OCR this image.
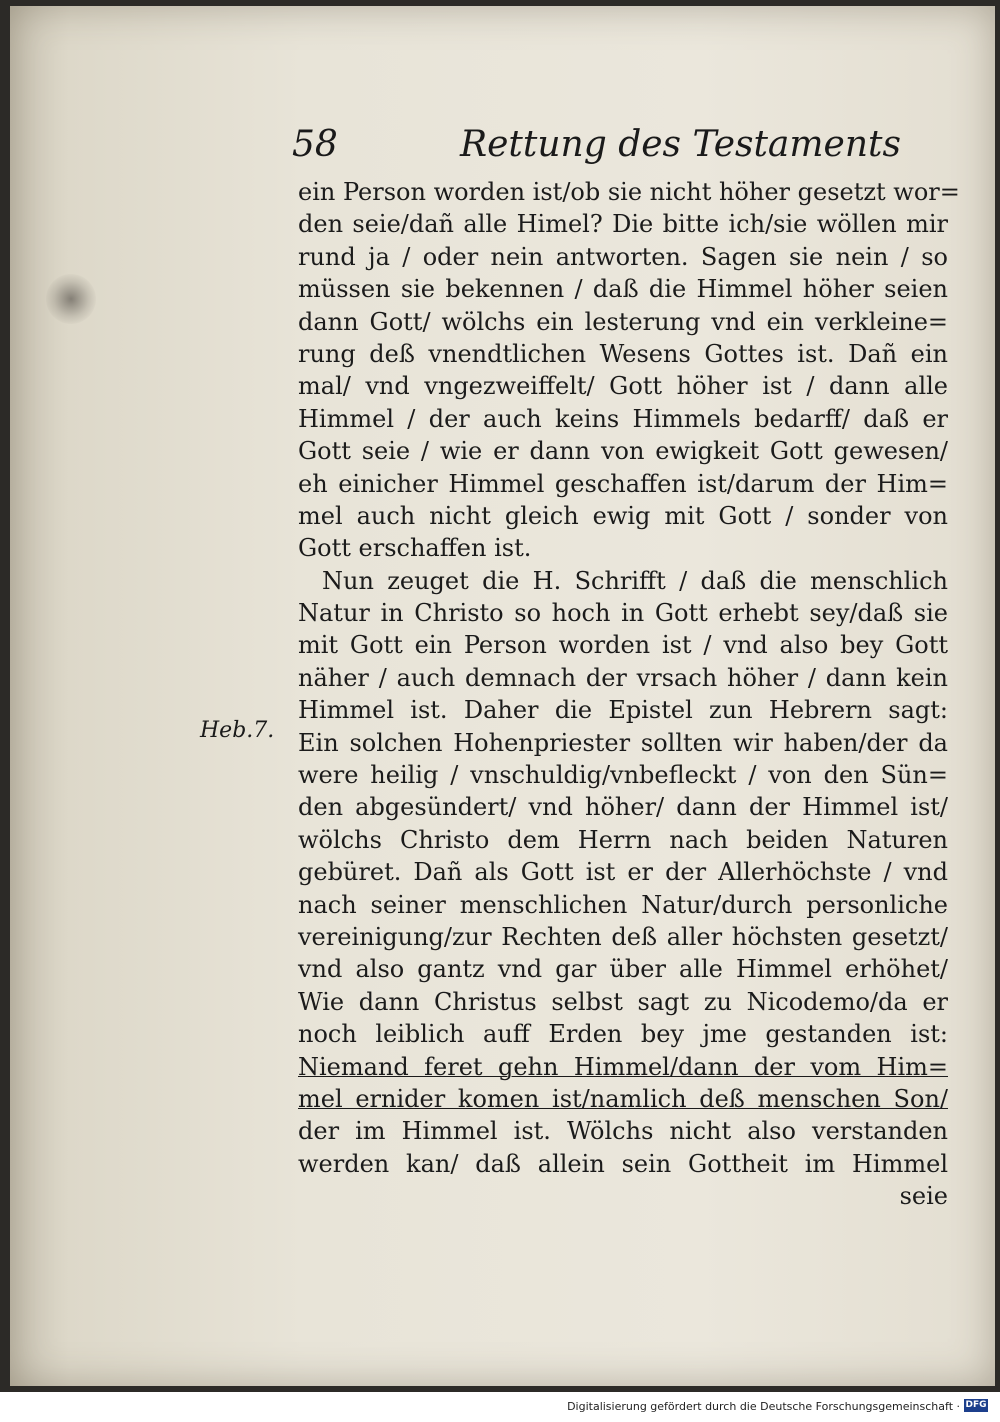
58	Rettung des Testaments
Heb.7.
ein Person worden ist/ob sie nicht höher gesetzt wor=
den seie/dañ alle Himel? Die bitte ich/sie wöllen mir
rund ja / oder nein antworten. Sagen sie nein / so
müssen sie bekennen / daß die Himmel höher seien
dann Gott/ wölchs ein lesterung vnd ein verkleine=
rung deß vnendtlichen Wesens Gottes ist. Dañ ein
mal/ vnd vngezweiffelt/ Gott höher ist / dann alle
Himmel / der auch keins Himmels bedarff/ daß er
Gott seie / wie er dann von ewigkeit Gott gewesen/
eh einicher Himmel geschaffen ist/darum der Him=
mel auch nicht gleich ewig mit Gott / sonder von
Gott erschaffen ist.
Nun zeuget die H. Schrifft / daß die menschlich
Natur in Christo so hoch in Gott erhebt sey/daß sie
mit Gott ein Person worden ist / vnd also bey Gott
näher / auch demnach der vrsach höher / dann kein
Himmel ist. Daher die Epistel zun Hebrern sagt:
Ein solchen Hohenpriester sollten wir haben/der da
were heilig / vnschuldig/vnbefleckt / von den Sün=
den abgesündert/ vnd höher/ dann der Himmel ist/
wölchs Christo dem Herrn nach beiden Naturen
gebüret. Dañ als Gott ist er der Allerhöchste / vnd
nach seiner menschlichen Natur/durch personliche
vereinigung/zur Rechten deß aller höchsten gesetzt/
vnd also gantz vnd gar über alle Himmel erhöhet/
Wie dann Christus selbst sagt zu Nicodemo/da er
noch leiblich auff Erden bey jme gestanden ist:
Niemand feret gehn Himmel/dann der vom Him=
mel ernider komen ist/namlich deß menschen Son/
der im Himmel ist. Wölchs nicht also verstanden
werden kan/ daß allein sein Gottheit im Himmel
seie
Digitalisierung gefördert durch die Deutsche Forschungsgemeinschaft · DFG
